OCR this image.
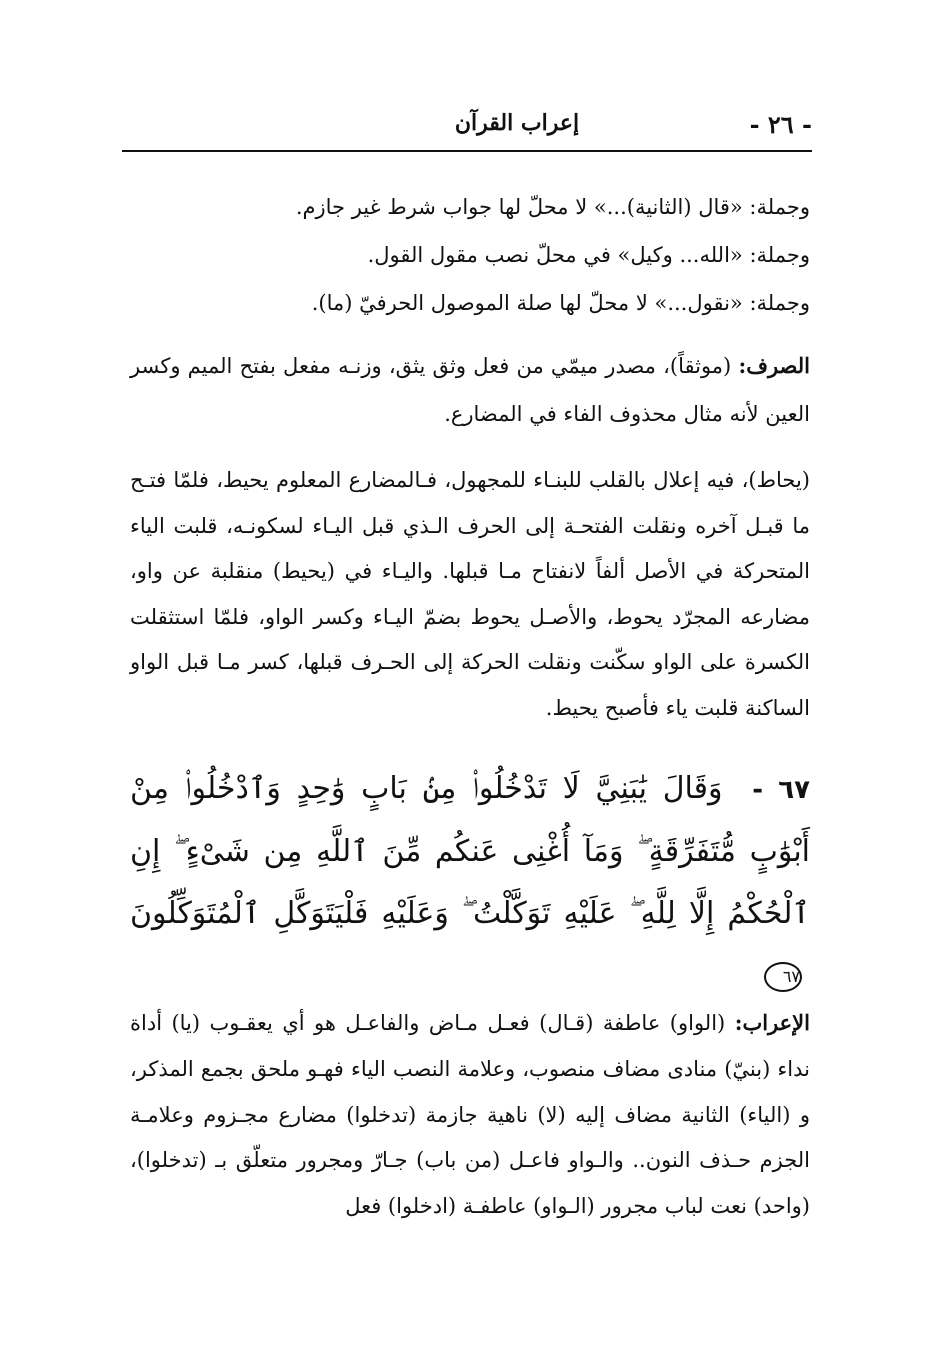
- ٢٦ -
إعراب القرآن

وجملة: «قال (الثانية)...» لا محلّ لها جواب شرط غير جازم.

وجملة: «الله... وكيل» في محلّ نصب مقول القول.

وجملة: «نقول...» لا محلّ لها صلة الموصول الحرفيّ (ما).

الصرف: (موثقاً)، مصدر ميمّي من فعل وثق يثق، وزنـه مفعل بفتح الميم وكسر العين لأنه مثال محذوف الفاء في المضارع.

(يحاط)، فيه إعلال بالقلب للبنـاء للمجهول، فـالمضارع المعلوم يحيط، فلمّا فتـح ما قبـل آخره ونقلت الفتحـة إلى الحرف الـذي قبل اليـاء لسكونـه، قلبت الياء المتحركة في الأصل ألفاً لانفتاح مـا قبلها. واليـاء في (يحيط) منقلبة عن واو، مضارعه المجرّد يحوط، والأصـل يحوط بضمّ اليـاء وكسر الواو، فلمّا استثقلت الكسرة على الواو سكّنت ونقلت الحركة إلى الحـرف قبلها، كسر مـا قبل الواو الساكنة قلبت ياء فأصبح يحيط.

٦٧ - وَقَالَ يَٰبَنِيَّ لَا تَدْخُلُوا۟ مِنۢ بَابٍ وَٰحِدٍ وَٱدْخُلُوا۟ مِنْ أَبْوَٰبٍ مُّتَفَرِّقَةٍ ۖ وَمَآ أُغْنِى عَنكُم مِّنَ ٱللَّهِ مِن شَىْءٍ ۖ إِنِ ٱلْحُكْمُ إِلَّا لِلَّهِ ۖ عَلَيْهِ تَوَكَّلْتُ ۖ وَعَلَيْهِ فَلْيَتَوَكَّلِ ٱلْمُتَوَكِّلُونَ ٦٧

الإعراب: (الواو) عاطفة (قـال) فعـل مـاض والفاعـل هو أي يعقـوب (يا) أداة نداء (بنيّ) منادى مضاف منصوب، وعلامة النصب الياء فهـو ملحق بجمع المذكر، و (الياء) الثانية مضاف إليه (لا) ناهية جازمة (تدخلوا) مضارع مجـزوم وعلامـة الجزم حـذف النون.. والـواو فاعـل (من باب) جـارّ ومجرور متعلّق بـ (تدخلوا)، (واحد) نعت لباب مجرور (الـواو) عاطفـة (ادخلوا) فعل
